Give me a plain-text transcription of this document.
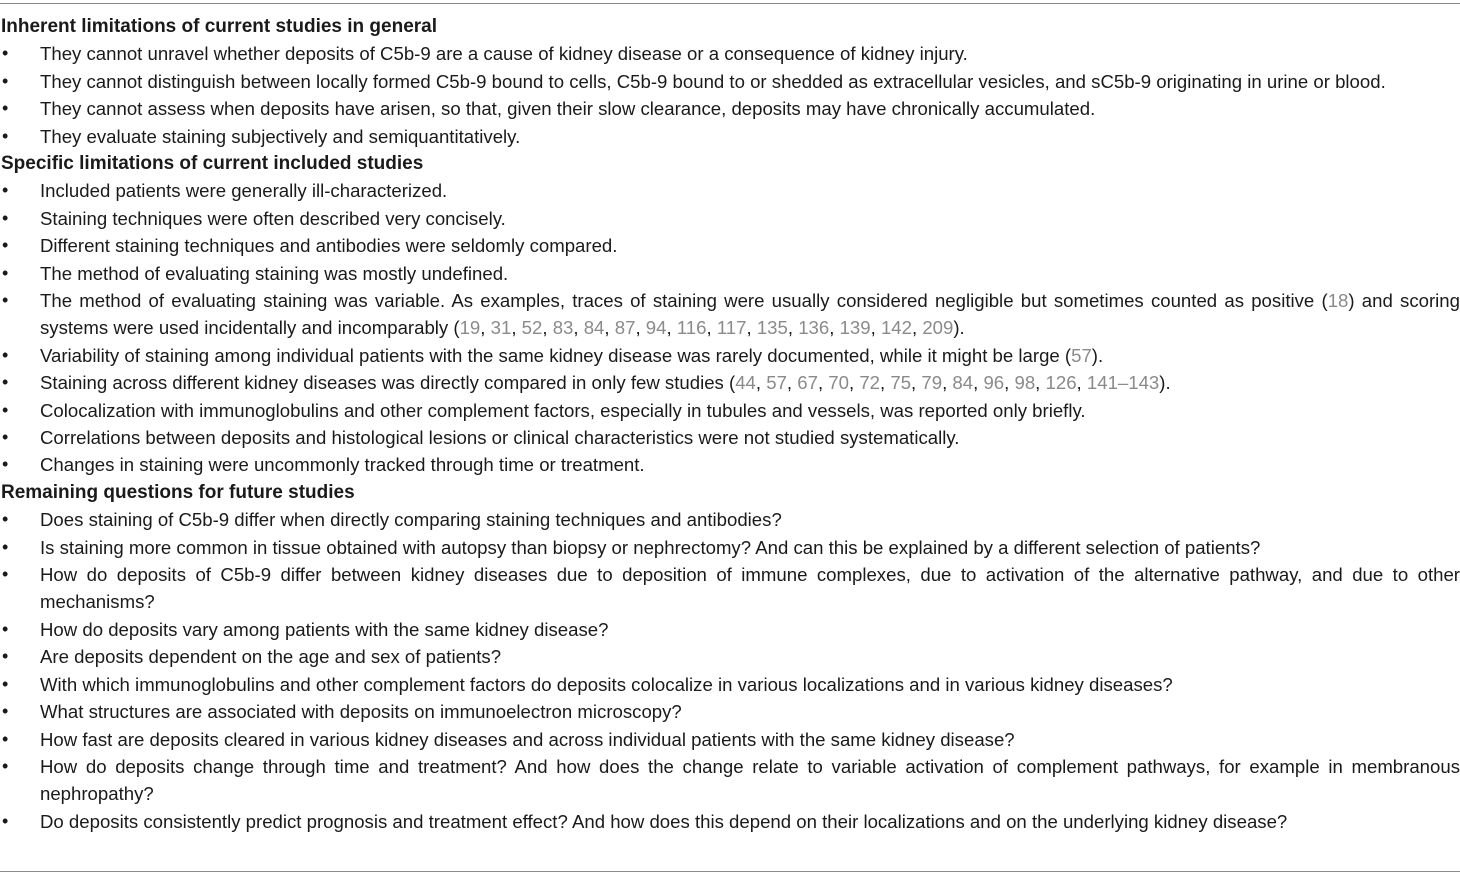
Inherent limitations of current studies in general
• They cannot unravel whether deposits of C5b-9 are a cause of kidney disease or a consequence of kidney injury.
• They cannot distinguish between locally formed C5b-9 bound to cells, C5b-9 bound to or shedded as extracellular vesicles, and sC5b-9 originating in urine or blood.
• They cannot assess when deposits have arisen, so that, given their slow clearance, deposits may have chronically accumulated.
• They evaluate staining subjectively and semiquantitatively.
Specific limitations of current included studies
• Included patients were generally ill-characterized.
• Staining techniques were often described very concisely.
• Different staining techniques and antibodies were seldomly compared.
• The method of evaluating staining was mostly undefined.
• The method of evaluating staining was variable. As examples, traces of staining were usually considered negligible but sometimes counted as positive (18) and scoring systems were used incidentally and incomparably (19, 31, 52, 83, 84, 87, 94, 116, 117, 135, 136, 139, 142, 209).
• Variability of staining among individual patients with the same kidney disease was rarely documented, while it might be large (57).
• Staining across different kidney diseases was directly compared in only few studies (44, 57, 67, 70, 72, 75, 79, 84, 96, 98, 126, 141–143).
• Colocalization with immunoglobulins and other complement factors, especially in tubules and vessels, was reported only briefly.
• Correlations between deposits and histological lesions or clinical characteristics were not studied systematically.
• Changes in staining were uncommonly tracked through time or treatment.
Remaining questions for future studies
• Does staining of C5b-9 differ when directly comparing staining techniques and antibodies?
• Is staining more common in tissue obtained with autopsy than biopsy or nephrectomy? And can this be explained by a different selection of patients?
• How do deposits of C5b-9 differ between kidney diseases due to deposition of immune complexes, due to activation of the alternative pathway, and due to other mechanisms?
• How do deposits vary among patients with the same kidney disease?
• Are deposits dependent on the age and sex of patients?
• With which immunoglobulins and other complement factors do deposits colocalize in various localizations and in various kidney diseases?
• What structures are associated with deposits on immunoelectron microscopy?
• How fast are deposits cleared in various kidney diseases and across individual patients with the same kidney disease?
• How do deposits change through time and treatment? And how does the change relate to variable activation of complement pathways, for example in membranous nephropathy?
• Do deposits consistently predict prognosis and treatment effect? And how does this depend on their localizations and on the underlying kidney disease?
